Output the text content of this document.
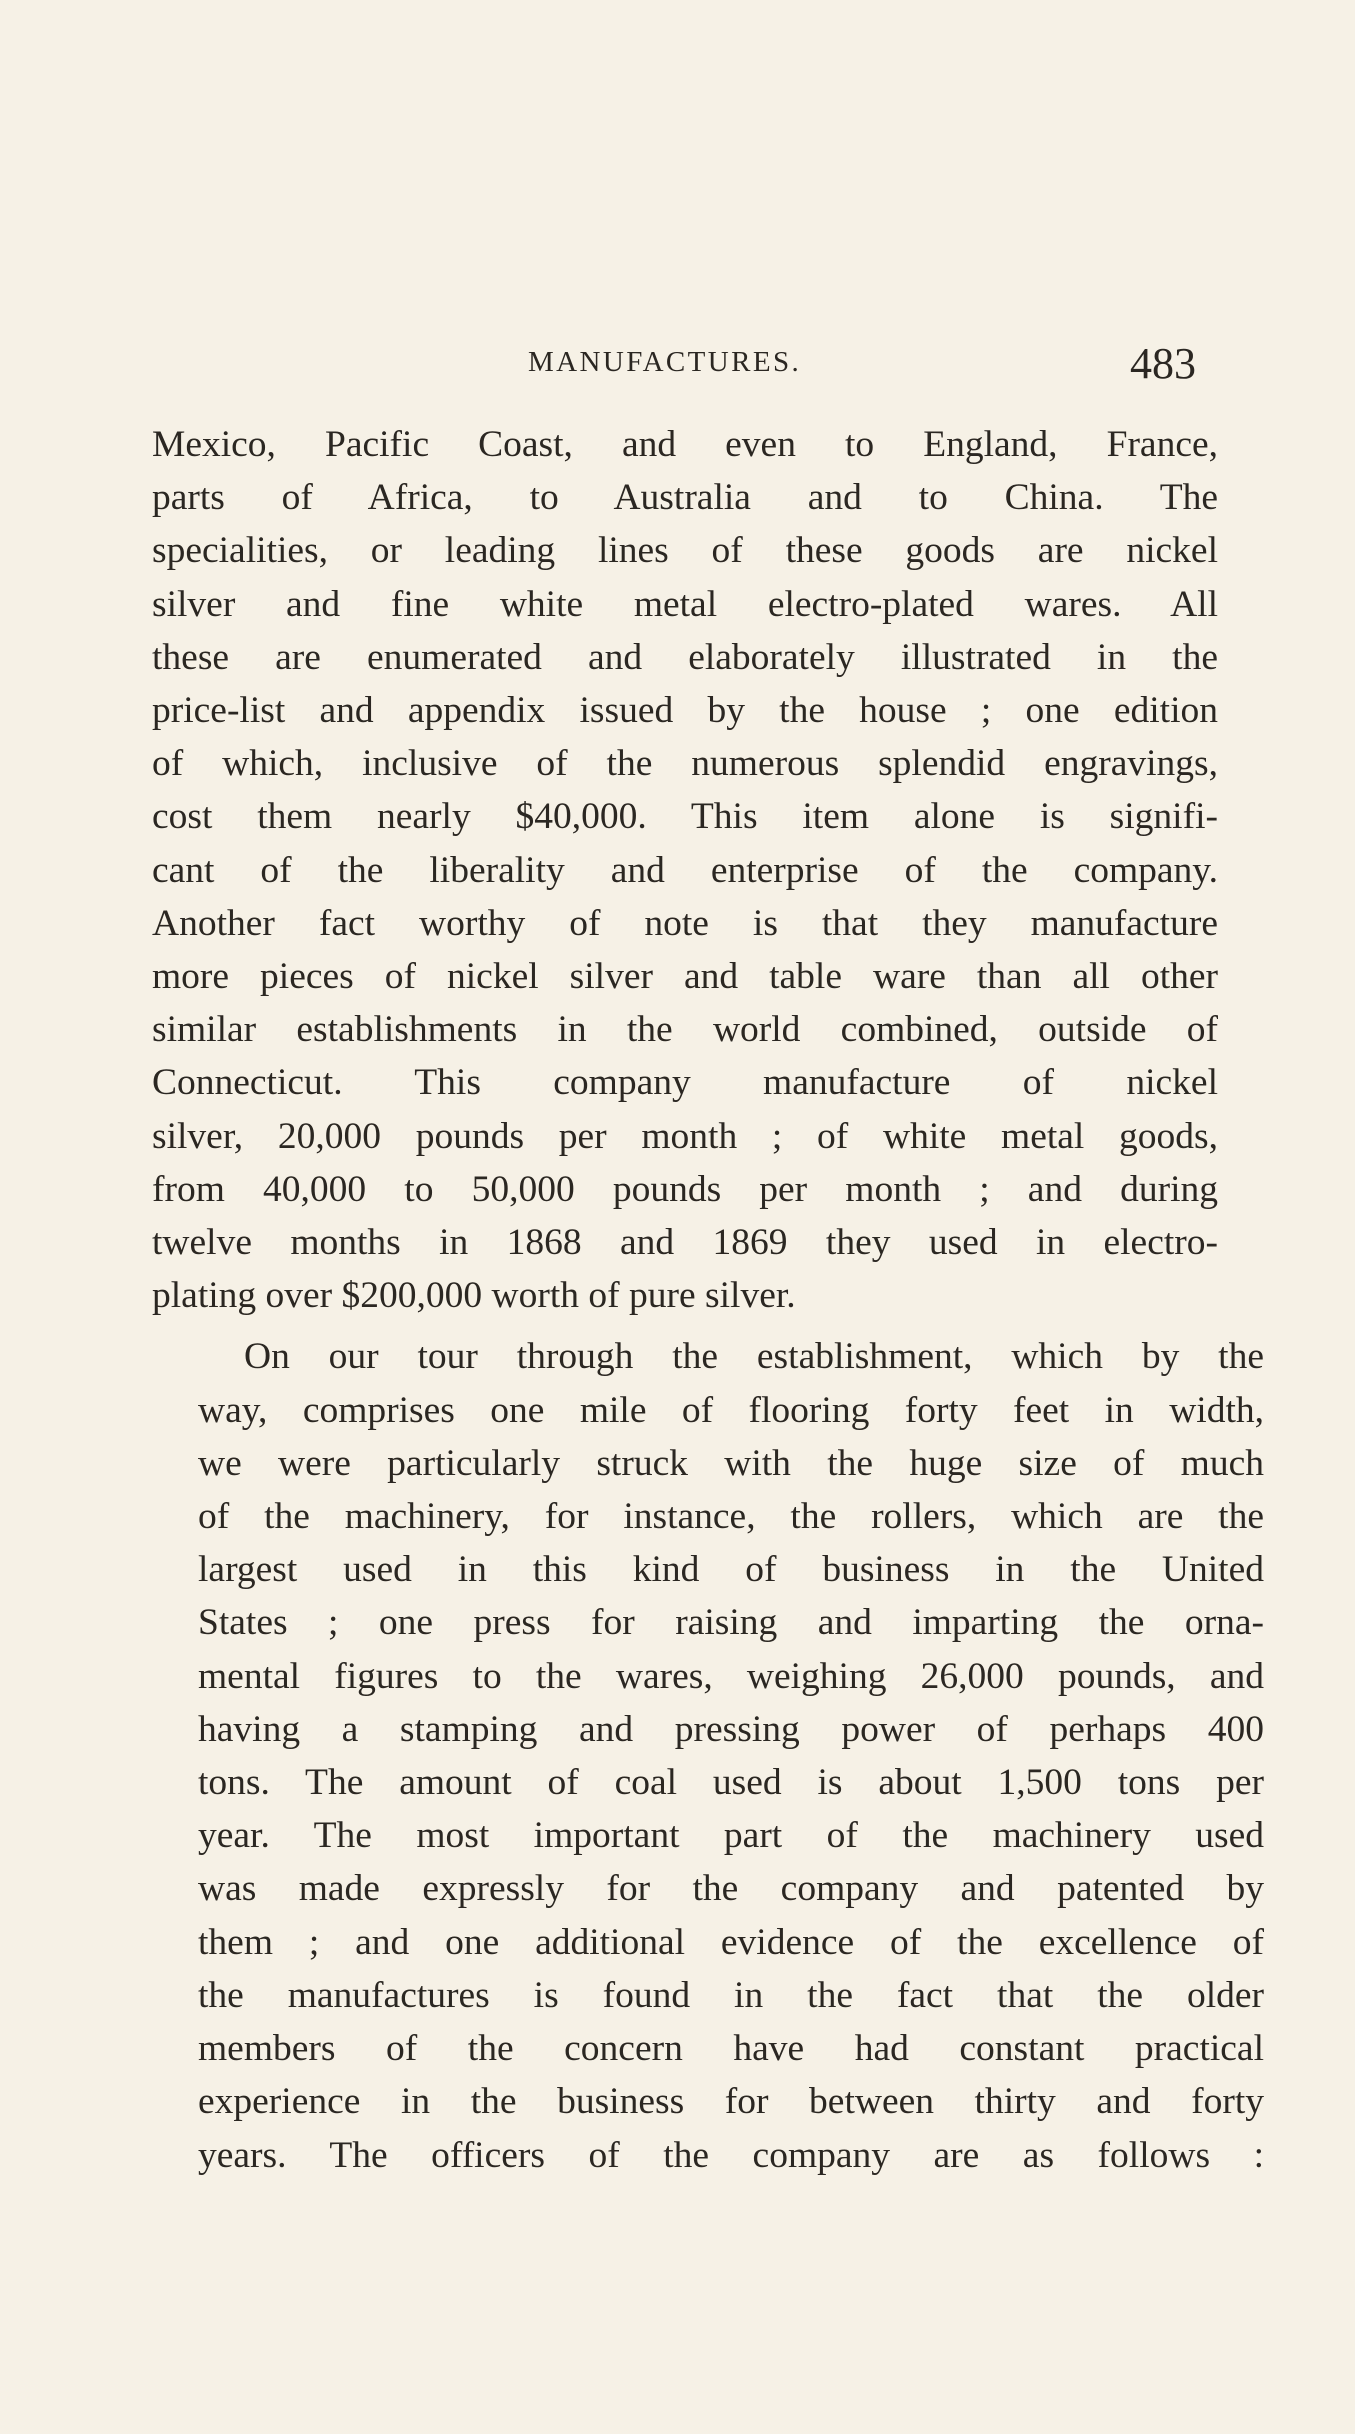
MANUFACTURES.	483
Mexico, Pacific Coast, and even to England, France,
parts of Africa, to Australia and to China. The
specialities, or leading lines of these goods are nickel
silver and fine white metal electro-plated wares. All
these are enumerated and elaborately illustrated in the
price-list and appendix issued by the house ; one edition
of which, inclusive of the numerous splendid engravings,
cost them nearly $40,000. This item alone is signifi-
cant of the liberality and enterprise of the company.
Another fact worthy of note is that they manufacture
more pieces of nickel silver and table ware than all other
similar establishments in the world combined, outside of
Connecticut. This company manufacture of nickel
silver, 20,000 pounds per month ; of white metal goods,
from 40,000 to 50,000 pounds per month ; and during
twelve months in 1868 and 1869 they used in electro-
plating over $200,000 worth of pure silver.
On our tour through the establishment, which by the
way, comprises one mile of flooring forty feet in width,
we were particularly struck with the huge size of much
of the machinery, for instance, the rollers, which are the
largest used in this kind of business in the United
States ; one press for raising and imparting the orna-
mental figures to the wares, weighing 26,000 pounds, and
having a stamping and pressing power of perhaps 400
tons. The amount of coal used is about 1,500 tons per
year. The most important part of the machinery used
was made expressly for the company and patented by
them ; and one additional evidence of the excellence of
the manufactures is found in the fact that the older
members of the concern have had constant practical
experience in the business for between thirty and forty
years. The officers of the company are as follows :
